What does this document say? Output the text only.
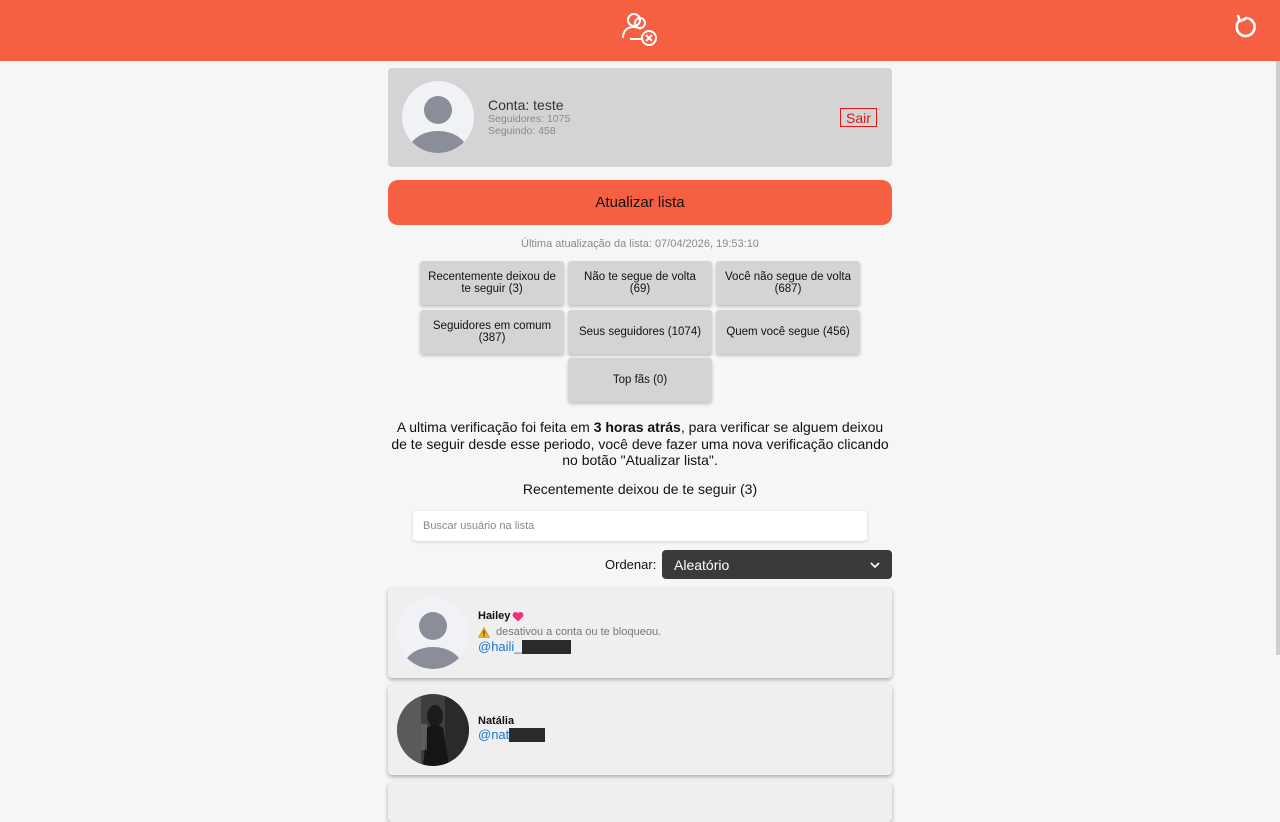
Conta: teste
Seguidores: 1075
Seguindo: 458
Sair
Atualizar lista
Última atualização da lista: 07/04/2026, 19:53:10
Recentemente deixou de te seguir (3)
Não te segue de volta (69)
Você não segue de volta (687)
Seguidores em comum (387)	Seus seguidores (1074)	Quem você segue (456)
Top fãs (0)
A ultima verificação foi feita em 3 horas atrás, para verificar se alguem deixou de te seguir desde esse periodo, você deve fazer uma nova verificação clicando no botão "Atualizar lista".
Recentemente deixou de te seguir (3)
Buscar usuário na lista
Ordenar: Aleatório
Hailey
desativou a conta ou te bloqueou.
@haili_
Natália
@nat
